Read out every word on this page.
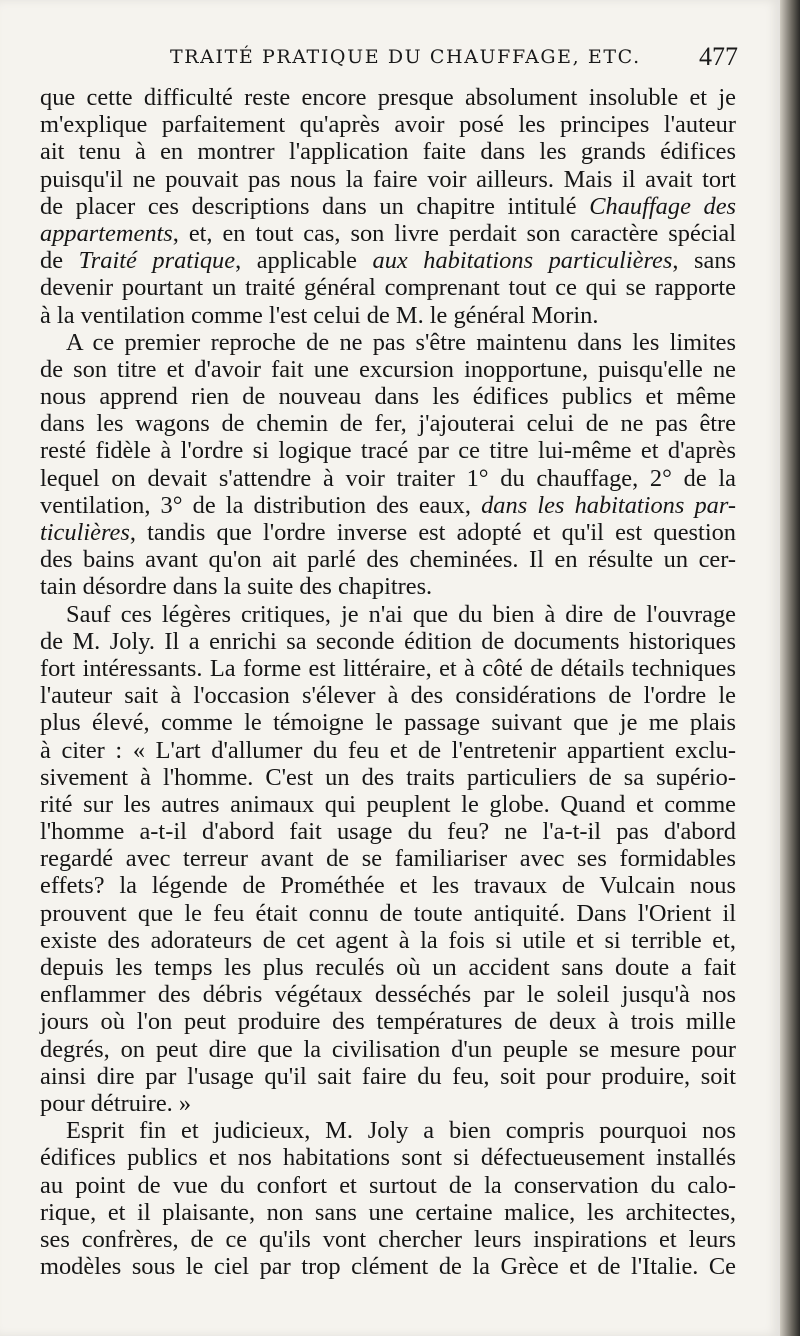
TRAITÉ PRATIQUE DU CHAUFFAGE, ETC. 477
que cette difficulté reste encore presque absolument insoluble et je
m'explique parfaitement qu'après avoir posé les principes l'auteur
ait tenu à en montrer l'application faite dans les grands édifices
puisqu'il ne pouvait pas nous la faire voir ailleurs. Mais il avait tort
de placer ces descriptions dans un chapitre intitulé Chauffage des
appartements, et, en tout cas, son livre perdait son caractère spécial
de Traité pratique, applicable aux habitations particulières, sans
devenir pourtant un traité général comprenant tout ce qui se rapporte
à la ventilation comme l'est celui de M. le général Morin.
A ce premier reproche de ne pas s'être maintenu dans les limites
de son titre et d'avoir fait une excursion inopportune, puisqu'elle ne
nous apprend rien de nouveau dans les édifices publics et même
dans les wagons de chemin de fer, j'ajouterai celui de ne pas être
resté fidèle à l'ordre si logique tracé par ce titre lui-même et d'après
lequel on devait s'attendre à voir traiter 1° du chauffage, 2° de la
ventilation, 3° de la distribution des eaux, dans les habitations par-
ticulières, tandis que l'ordre inverse est adopté et qu'il est question
des bains avant qu'on ait parlé des cheminées. Il en résulte un cer-
tain désordre dans la suite des chapitres.
Sauf ces légères critiques, je n'ai que du bien à dire de l'ouvrage
de M. Joly. Il a enrichi sa seconde édition de documents historiques
fort intéressants. La forme est littéraire, et à côté de détails techniques
l'auteur sait à l'occasion s'élever à des considérations de l'ordre le
plus élevé, comme le témoigne le passage suivant que je me plais
à citer : « L'art d'allumer du feu et de l'entretenir appartient exclu-
sivement à l'homme. C'est un des traits particuliers de sa supério-
rité sur les autres animaux qui peuplent le globe. Quand et comme
l'homme a-t-il d'abord fait usage du feu? ne l'a-t-il pas d'abord
regardé avec terreur avant de se familiariser avec ses formidables
effets? la légende de Prométhée et les travaux de Vulcain nous
prouvent que le feu était connu de toute antiquité. Dans l'Orient il
existe des adorateurs de cet agent à la fois si utile et si terrible et,
depuis les temps les plus reculés où un accident sans doute a fait
enflammer des débris végétaux desséchés par le soleil jusqu'à nos
jours où l'on peut produire des températures de deux à trois mille
degrés, on peut dire que la civilisation d'un peuple se mesure pour
ainsi dire par l'usage qu'il sait faire du feu, soit pour produire, soit
pour détruire. »
Esprit fin et judicieux, M. Joly a bien compris pourquoi nos
édifices publics et nos habitations sont si défectueusement installés
au point de vue du confort et surtout de la conservation du calo-
rique, et il plaisante, non sans une certaine malice, les architectes,
ses confrères, de ce qu'ils vont chercher leurs inspirations et leurs
modèles sous le ciel par trop clément de la Grèce et de l'Italie. Ce
